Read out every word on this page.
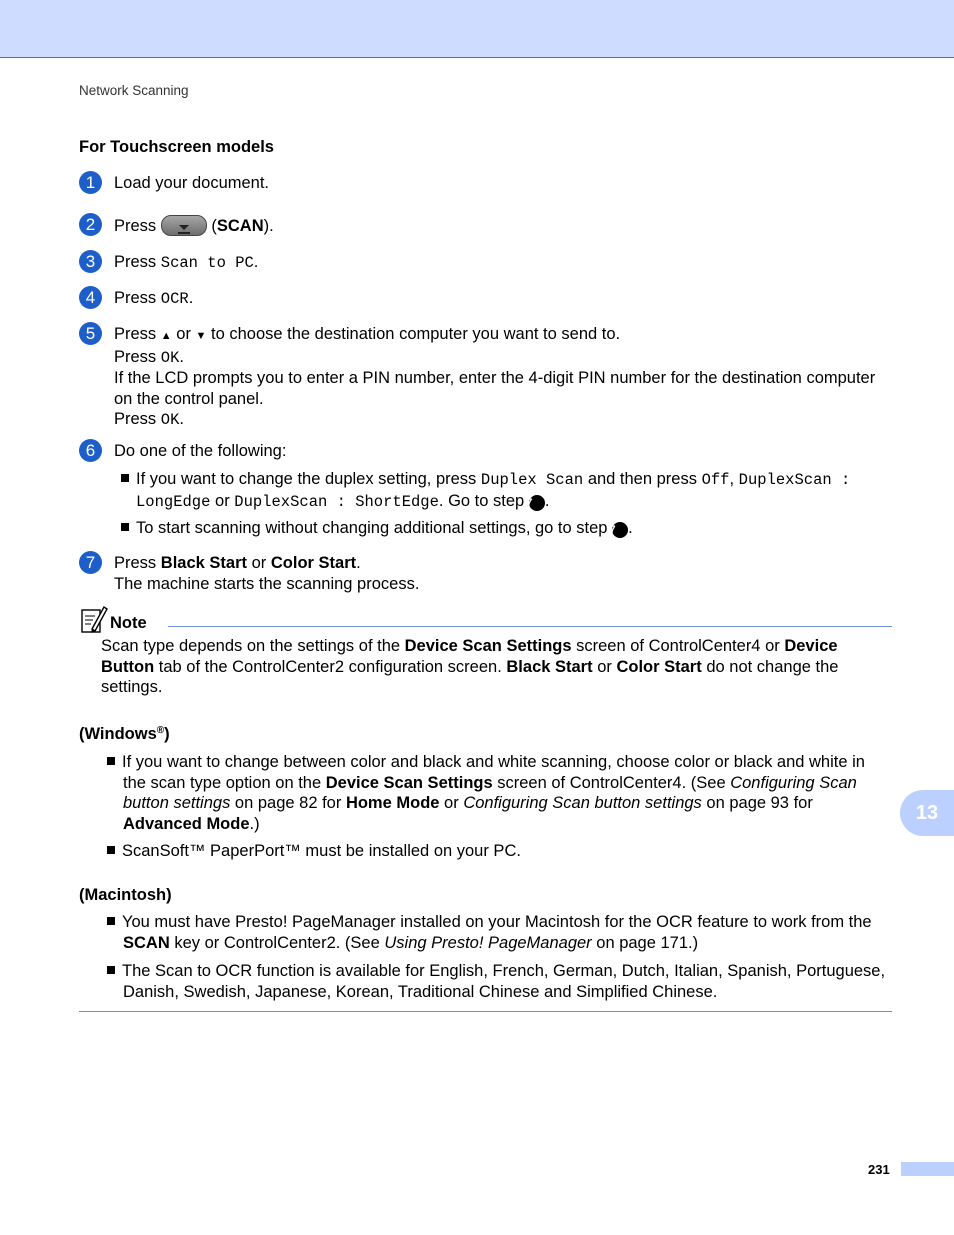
Network Scanning
For Touchscreen models
1	Load your document.

2	Press	(SCAN).

3	Press Scan to PC.

4	Press OCR.

5	Press ▲ or ▼ to choose the destination computer you want to send to.

Press OK.

If the LCD prompts you to enter a PIN number, enter the 4-digit PIN number for the destination computer on the control panel.

Press OK.

6	Do one of the following:

If you want to change the duplex setting, press Duplex Scan and then press Off, DuplexScan : LongEdge or DuplexScan : ShortEdge. Go to step 7 .

To start scanning without changing additional settings, go to step 7 .

7	Press Black Start or Color Start.

The machine starts the scanning process.

Note

Scan type depends on the settings of the Device Scan Settings screen of ControlCenter4 or Device Button tab of the ControlCenter2 configuration screen. Black Start or Color Start do not change the settings.

(Windows®)

If you want to change between color and black and white scanning, choose color or black and white in the scan type option on the Device Scan Settings screen of ControlCenter4. (See Configuring Scan button settings on page 82 for Home Mode or Configuring Scan button settings on page 93 for Advanced Mode.)

ScanSoft™ PaperPort™ must be installed on your PC.

(Macintosh)

You must have Presto! PageManager installed on your Macintosh for the OCR feature to work from the SCAN key or ControlCenter2. (See Using Presto! PageManager on page 171.)

The Scan to OCR function is available for English, French, German, Dutch, Italian, Spanish, Portuguese, Danish, Swedish, Japanese, Korean, Traditional Chinese and Simplified Chinese.

13
231
